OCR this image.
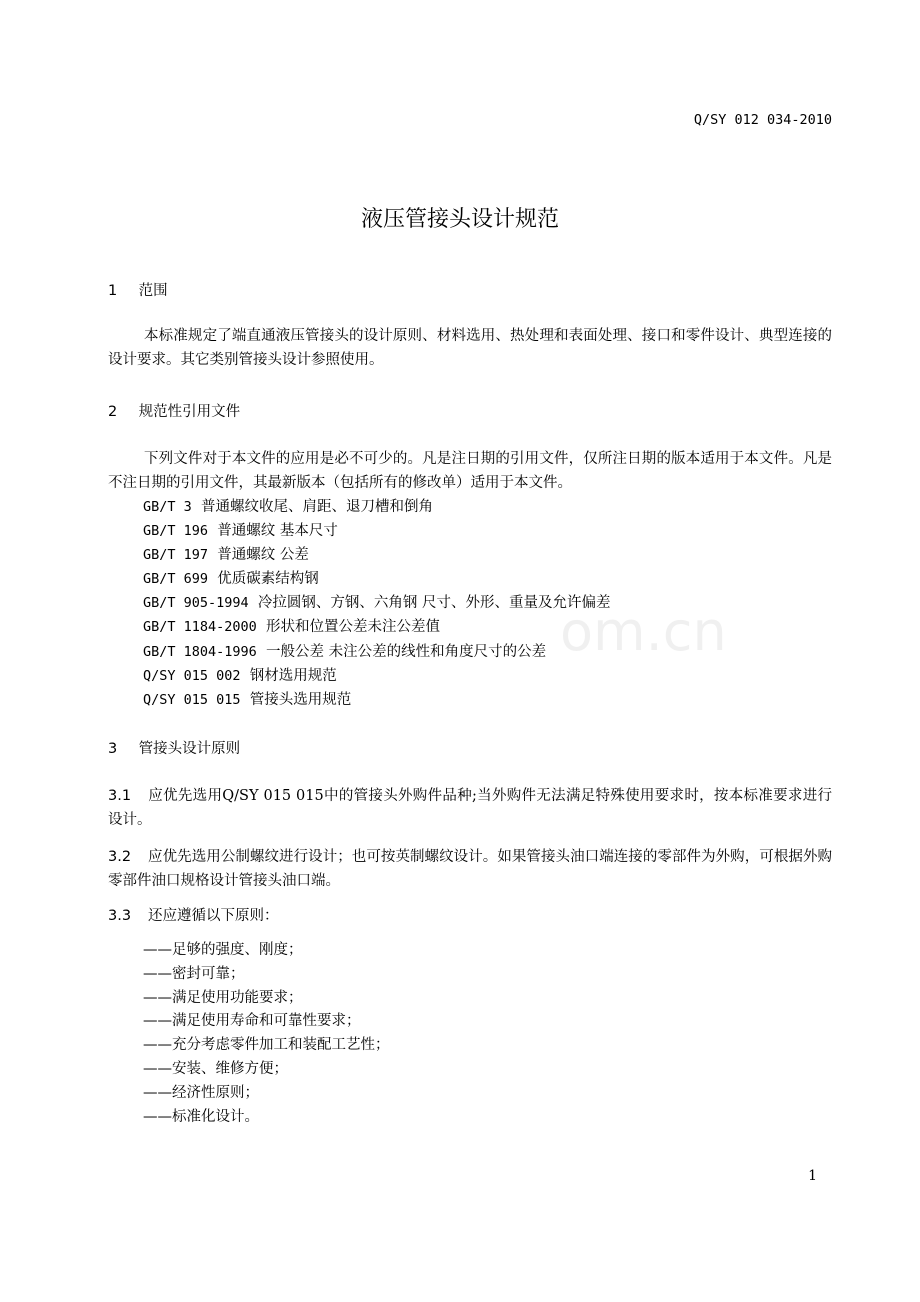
om.cn
Q/SY 012 034-2010
液压管接头设计规范
1 范围
本标准规定了端直通液压管接头的设计原则、材料选用、热处理和表面处理、接口和零件设计、典型连接的设计要求。其它类别管接头设计参照使用。
2 规范性引用文件
下列文件对于本文件的应用是必不可少的。凡是注日期的引用文件，仅所注日期的版本适用于本文件。凡是不注日期的引用文件，其最新版本（包括所有的修改单）适用于本文件。
GB/T 3 普通螺纹收尾、肩距、退刀槽和倒角
GB/T 196 普通螺纹 基本尺寸
GB/T 197 普通螺纹 公差
GB/T 699 优质碳素结构钢
GB/T 905-1994 冷拉圆钢、方钢、六角钢 尺寸、外形、重量及允许偏差
GB/T 1184-2000 形状和位置公差未注公差值
GB/T 1804-1996 一般公差 未注公差的线性和角度尺寸的公差
Q/SY 015 002 钢材选用规范
Q/SY 015 015 管接头选用规范
3 管接头设计原则
3.1 应优先选用Q/SY 015 015中的管接头外购件品种;当外购件无法满足特殊使用要求时，按本标准要求进行设计。
3.2 应优先选用公制螺纹进行设计；也可按英制螺纹设计。如果管接头油口端连接的零部件为外购，可根据外购零部件油口规格设计管接头油口端。
3.3 还应遵循以下原则：
——足够的强度、刚度；
——密封可靠；
——满足使用功能要求；
——满足使用寿命和可靠性要求；
——充分考虑零件加工和装配工艺性；
——安装、维修方便；
——经济性原则；
——标准化设计。
1
